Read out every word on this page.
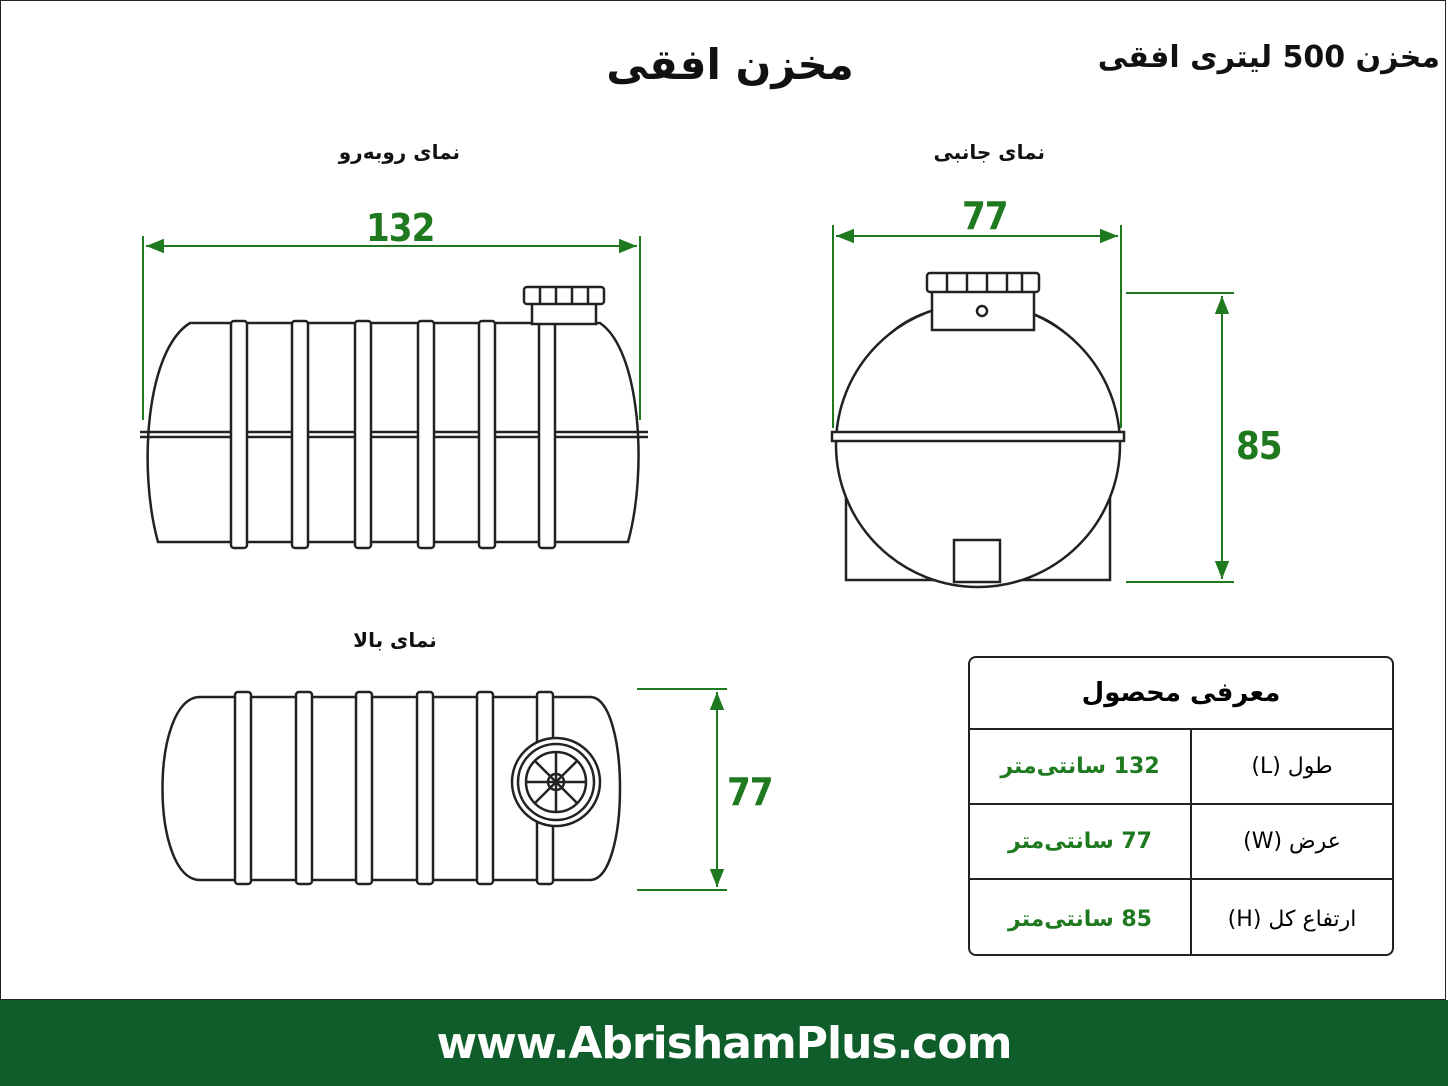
مخزن افقی	مخزن 500 لیتری افقی
نمای روبه‌رو	نمای جانبی
نمای بالا
132	77
85
77
معرفی محصول
132 سانتی‌متر	طول (L)
77 سانتی‌متر	عرض (W)
85 سانتی‌متر	ارتفاع کل (H)
www.AbrishamPlus.com
